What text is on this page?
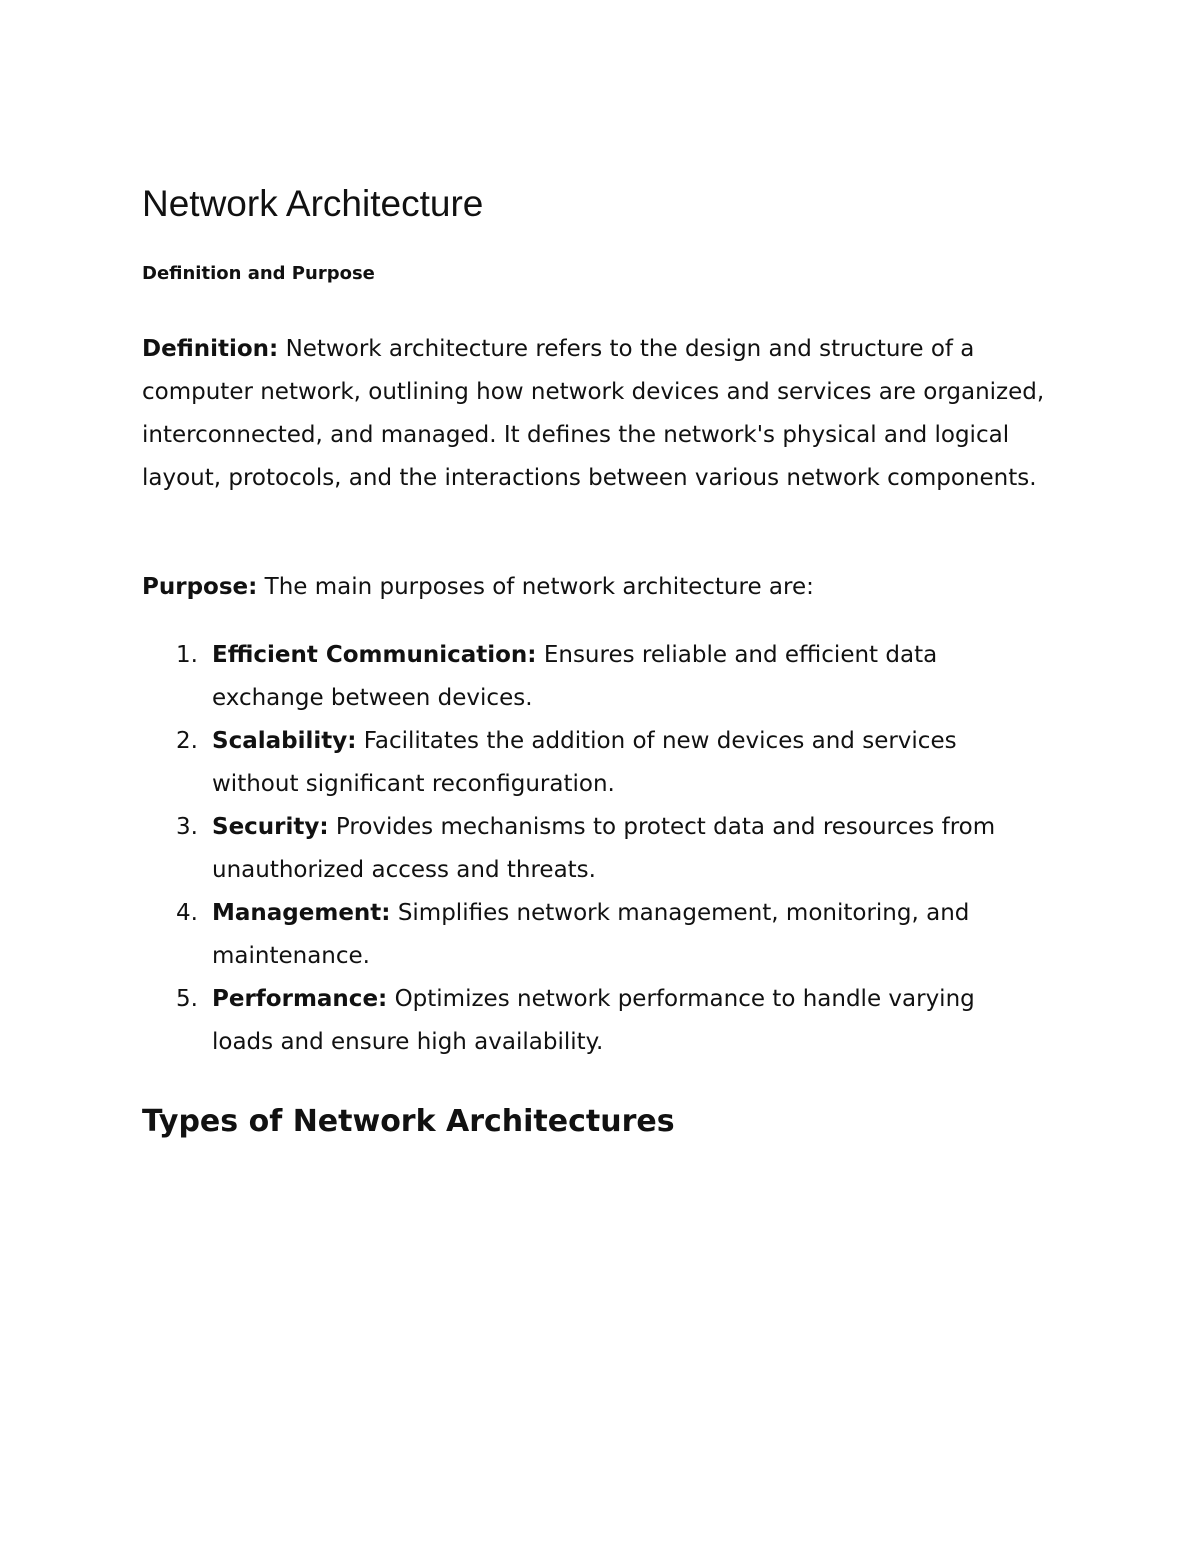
Network Architecture
Definition and Purpose

Definition: Network architecture refers to the design and structure of a computer network, outlining how network devices and services are organized, interconnected, and managed. It defines the network's physical and logical layout, protocols, and the interactions between various network components.

Purpose: The main purposes of network architecture are:

1. Efficient Communication: Ensures reliable and efficient data exchange between devices.
2. Scalability: Facilitates the addition of new devices and services without significant reconfiguration.
3. Security: Provides mechanisms to protect data and resources from unauthorized access and threats.
4. Management: Simplifies network management, monitoring, and maintenance.
5. Performance: Optimizes network performance to handle varying loads and ensure high availability.
Types of Network Architectures
